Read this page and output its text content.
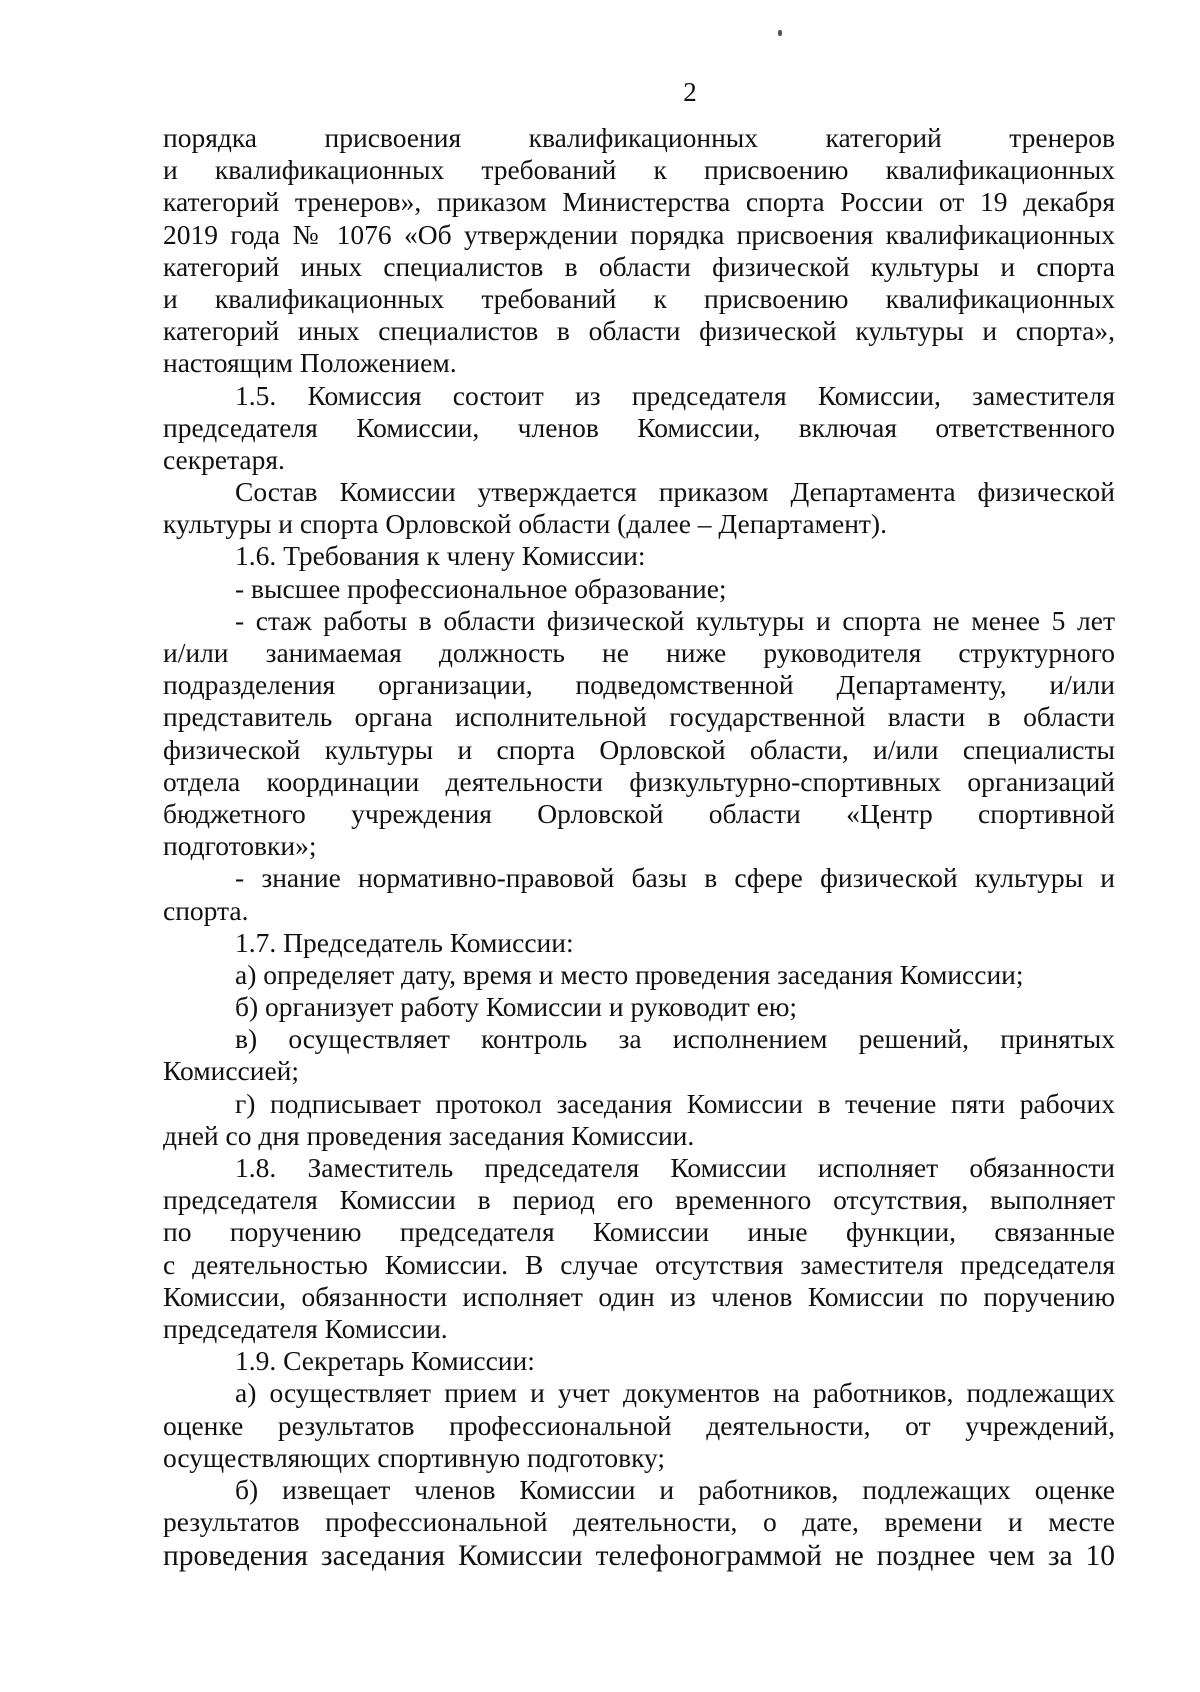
2
порядка присвоения квалификационных категорий тренеров
и квалификационных требований к присвоению квалификационных
категорий тренеров», приказом Министерства спорта России от 19 декабря
2019 года № 1076 «Об утверждении порядка присвоения квалификационных
категорий иных специалистов в области физической культуры и спорта
и квалификационных требований к присвоению квалификационных
категорий иных специалистов в области физической культуры и спорта»,
настоящим Положением.
1.5. Комиссия состоит из председателя Комиссии, заместителя
председателя Комиссии, членов Комиссии, включая ответственного
секретаря.
Состав Комиссии утверждается приказом Департамента физической
культуры и спорта Орловской области (далее – Департамент).
1.6. Требования к члену Комиссии:
- высшее профессиональное образование;
- стаж работы в области физической культуры и спорта не менее 5 лет
и/или занимаемая должность не ниже руководителя структурного
подразделения организации, подведомственной Департаменту, и/или
представитель органа исполнительной государственной власти в области
физической культуры и спорта Орловской области, и/или специалисты
отдела координации деятельности физкультурно-спортивных организаций
бюджетного учреждения Орловской области «Центр спортивной
подготовки»;
- знание нормативно-правовой базы в сфере физической культуры и
спорта.
1.7. Председатель Комиссии:
а) определяет дату, время и место проведения заседания Комиссии;
б) организует работу Комиссии и руководит ею;
в) осуществляет контроль за исполнением решений, принятых
Комиссией;
г) подписывает протокол заседания Комиссии в течение пяти рабочих
дней со дня проведения заседания Комиссии.
1.8. Заместитель председателя Комиссии исполняет обязанности
председателя Комиссии в период его временного отсутствия, выполняет
по поручению председателя Комиссии иные функции, связанные
с деятельностью Комиссии. В случае отсутствия заместителя председателя
Комиссии, обязанности исполняет один из членов Комиссии по поручению
председателя Комиссии.
1.9. Секретарь Комиссии:
а) осуществляет прием и учет документов на работников, подлежащих
оценке результатов профессиональной деятельности, от учреждений,
осуществляющих спортивную подготовку;
б) извещает членов Комиссии и работников, подлежащих оценке
результатов профессиональной деятельности, о дате, времени и месте
проведения заседания Комиссии телефонограммой не позднее чем за 10
